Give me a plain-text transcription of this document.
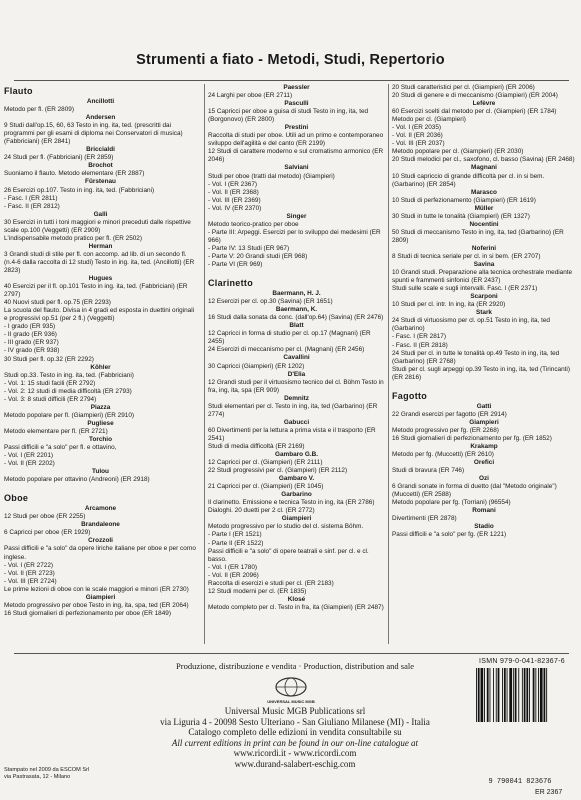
Strumenti a fiato - Metodi, Studi, Repertorio
Flauto
Ancillotti
Metodo per fl. (ER 2809)
Andersen
9 Studi dall'op.15, 60, 63 Testo in ing. ita, ted. (prescritti dai programmi per gli esami di diploma nei Conservatori di musica) (Fabbriciani) (ER 2841)
Briccialdi
24 Studi per fl. (Fabbriciani) (ER 2859)
Brochot
Suoniamo il flauto. Metodo elementare (ER 2887)
Fürstenau
26 Esercizi op.107. Testo in ing. ita, ted. (Fabbriciani)
- Fasc. I (ER 2811)
- Fasc. II (ER 2812)
Galli
30 Esercizi in tutti i toni maggiori e minori preceduti dalle rispettive scale op.100 (Veggetti) (ER 2909)
L'indispensabile metodo pratico per fl. (ER 2502)
Herman
3 Grandi studi di stile per fl. con accomp. ad lib. di un secondo fl. (n.4-6 dalla raccolta di 12 studi) Testo in ing. ita, ted. (Ancillotti) (ER 2823)
Hugues
40 Esercizi per il fl. op.101 Testo in ing. ita, ted. (Fabbriciani) (ER 2797)
40 Nuovi studi per fl. op.75 (ER 2293)
La scuola del flauto. Divisa in 4 gradi ed esposta in duettini originali e progressivi op.51 (per 2 fl.) (Veggetti)
- I grado (ER 935)
- II grado (ER 936)
- III grado (ER 937)
- IV grado (ER 938)
30 Studi per fl. op.32 (ER 2292)
Köhler
Studi op.33. Testo in ing. ita, ted. (Fabbriciani)
- Vol. 1: 15 studi facili (ER 2792)
- Vol. 2: 12 studi di media difficoltà (ER 2793)
- Vol. 3: 8 studi difficili (ER 2794)
Piazza
Metodo popolare per fl. (Giampieri) (ER 2910)
Pugliese
Metodo elementare per fl. (ER 2721)
Torchio
Passi difficili e "a solo" per fl. e ottavino,
- Vol. I (ER 2201)
- Vol. II (ER 2202)
Tulou
Metodo popolare per ottavino (Andreoni) (ER 2918)
Oboe
Arcamone
12 Studi per oboe (ER 2255)
Brandaleone
6 Capricci per oboe (ER 1929)
Crozzoli
Passi difficili e "a solo" da opere liriche italiane per oboe e per corno inglese.
- Vol. I (ER 2722)
- Vol. II (ER 2723)
- Vol. III (ER 2724)
Le prime lezioni di oboe con le scale maggiori e minori (ER 2730)
Giampieri
Metodo progressivo per oboe Testo in ing, ita, spa, ted (ER 2064)
16 Studi giornalieri di perfezionamento per oboe (ER 1849)
Paessler
24 Larghi per oboe (ER 2711)
Pasculli
15 Capricci per oboe a guisa di studi Testo in ing, ita, ted (Borgonovo) (ER 2800)
Prestini
Raccolta di studi per oboe. Utili ad un primo e contemporaneo sviluppo dell'agilità e del canto (ER 2199)
12 Studi di carattere moderno e sul cromatismo armonico (ER 2046)
Salviani
Studi per oboe (tratti dal metodo) (Giampieri)
- Vol. I (ER 2367)
- Vol. II (ER 2368)
- Vol. III (ER 2369)
- Vol. IV (ER 2370)
Singer
Metodo teorico-pratico per oboe
- Parte III: Arpeggi. Esercizi per lo sviluppo dei medesimi (ER 966)
- Parte IV: 13 Studi (ER 967)
- Parte V: 20 Grandi studi (ER 968)
- Parte VI (ER 969)
Clarinetto
Baermann, H. J.
12 Esercizi per cl. op.30 (Savina) (ER 1651)
Baermann, K.
16 Studi dalla sonata da conc. (dall'op.64) (Savina) (ER 2476)
Blatt
12 Capricci in forma di studio per cl. op.17 (Magnani) (ER 2455)
24 Esercizi di meccanismo per cl. (Magnani) (ER 2456)
Cavallini
30 Capricci (Giampieri) (ER 1202)
D'Elia
12 Grandi studi per il virtuosismo tecnico del cl. Böhm Testo in fra, ing, ita, spa (ER 909)
Demnitz
Studi elementari per cl. Testo in ing, ita, ted (Garbarino) (ER 2774)
Gabucci
60 Divertimenti per la lettura a prima vista e il trasporto (ER 2541)
Studi di media difficoltà (ER 2169)
Gambaro G.B.
12 Capricci per cl. (Giampieri) (ER 2111)
22 Studi progressivi per cl. (Giampieri) (ER 2112)
Gambaro V.
21 Capricci per cl. (Giampieri) (ER 1045)
Garbarino
Il clarinetto. Emissione e tecnica Testo in ing, ita (ER 2786)
Dialoghi. 20 duetti per 2 cl. (ER 2772)
Giampieri
Metodo progressivo per lo studio del cl. sistema Böhm.
- Parte I (ER 1521)
- Parte II (ER 1522)
Passi difficili e "a solo" di opere teatrali e sinf. per cl. e cl. basso.
- Vol. I (ER 1780)
- Vol. II (ER 2096)
Raccolta di esercizi e studi per cl. (ER 2183)
12 Studi moderni per cl. (ER 1835)
Klosé
Metodo completo per cl. Testo in fra, ita (Giampieri) (ER 2487)
20 Studi caratteristici per cl. (Giampieri) (ER 2006)
20 Studi di genere e di meccanismo (Giampieri) (ER 2004)
Lefèvre
60 Esercizi scelti dal metodo per cl. (Giampieri) (ER 1784)
Metodo per cl. (Giampieri)
- Vol. I (ER 2035)
- Vol. II (ER 2036)
- Vol. III (ER 2037)
Metodo popolare per cl. (Giampieri) (ER 2030)
20 Studi melodici per cl., saxofono, cl. basso (Savina) (ER 2468)
Magnani
10 Studi capriccio di grande difficoltà per cl. in si bem. (Garbarino) (ER 2854)
Marasco
10 Studi di perfezionamento (Giampieri) (ER 1619)
Müller
30 Studi in tutte le tonalità (Giampieri) (ER 1327)
Nocentini
50 Studi di meccanismo Testo in ing, ita, ted (Garbarino) (ER 2809)
Noferini
8 Studi di tecnica seriale per cl. in si bem. (ER 2707)
Savina
10 Grandi studi. Preparazione alla tecnica orchestrale mediante spunti e frammenti sinfonici (ER 2437)
Studi sulle scale e sugli intervalli. Fasc. I (ER 2371)
Scarponi
10 Studi per cl. intr. In ing, ita (ER 2920)
Stark
24 Studi di virtuosismo per cl. op.51 Testo in ing, ita, ted (Garbarino)
- Fasc. I (ER 2817)
- Fasc. II (ER 2818)
24 Studi per cl. in tutte le tonalità op.49 Testo in ing, ita, ted (Garbarino) (ER 2768)
Studi per cl. sugli arpeggi op.39 Testo in ing, ita, ted (Tirincanti) (ER 2816)
Fagotto
Gatti
22 Grandi esercizi per fagotto (ER 2914)
Giampieri
Metodo progressivo per fg. (ER 2268)
16 Studi giornalieri di perfezionamento per fg. (ER 1852)
Krakamp
Metodo per fg. (Muccetti) (ER 2610)
Orefici
Studi di bravura (ER 746)
Ozi
6 Grandi sonate in forma di duetto (dal "Metodo originale") (Muccetti) (ER 2588)
Metodo popolare per fg. (Torriani) (96554)
Romani
Divertimenti (ER 2878)
Stadio
Passi difficili e "a solo" per fg. (ER 1221)
Produzione, distribuzione e vendita · Production, distribution and sale
UNIVERSAL MUSIC MGB
Universal Music MGB Publications srl
via Liguria 4 - 20098 Sesto Ulteriano - San Giuliano Milanese (MI) - Italia
Catalogo completo delle edizioni in vendita consultabile su
All current editions in print can be found in our on-line catalogue at
www.ricordi.it - www.ricordi.com
www.durand-salabert-eschig.com
ISMN 979-0-041-82367-6
9 790041 823676
ER 2367
Stampato nel 2009 da ESCOM Srl
via Pastrasata, 12 - Milano
